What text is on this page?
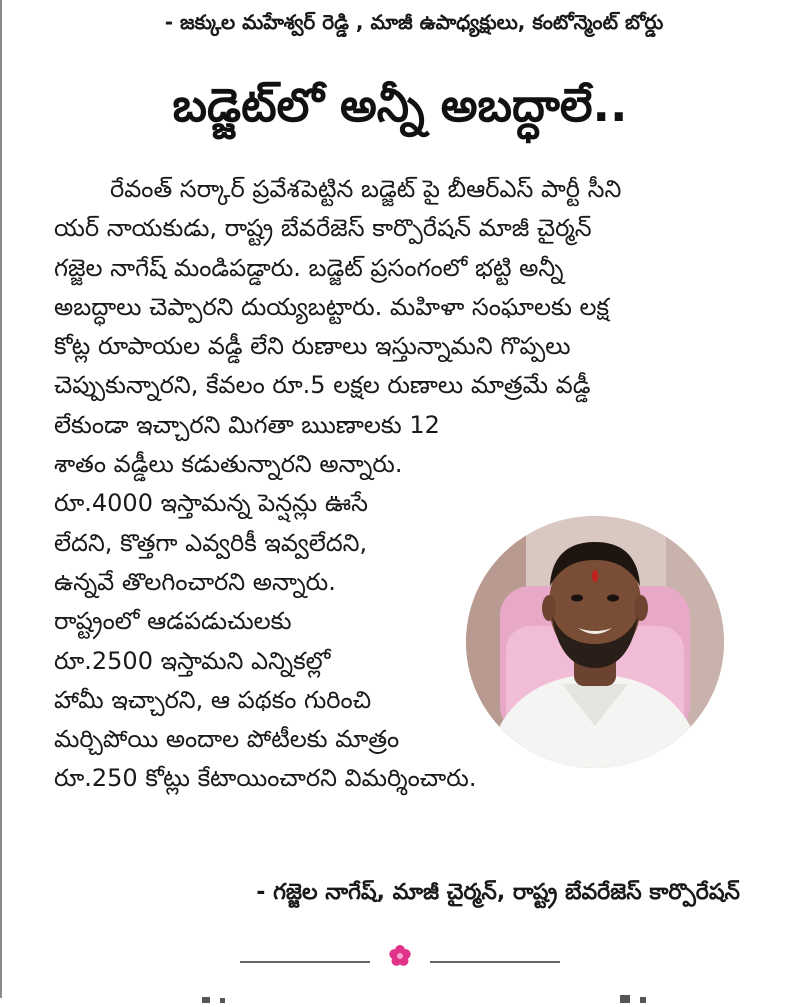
- జక్కుల మహేశ్వర్ రెడ్డి , మాజీ ఉపాధ్యక్షులు, కంటోన్మెంట్ బోర్డు
బడ్జెట్‌లో అన్నీ అబద్ధాలే..
రేవంత్ సర్కార్ ప్రవేశపెట్టిన బడ్జెట్ పై బీఆర్ఎస్ పార్టీ సీని
యర్ నాయకుడు, రాష్ట్ర బేవరేజెస్ కార్పొరేషన్ మాజీ చైర్మన్
గజ్జెల నాగేష్ మండిపడ్డారు. బడ్జెట్ ప్రసంగంలో భట్టి అన్నీ
అబద్ధాలు చెప్పారని దుయ్యబట్టారు. మహిళా సంఘాలకు లక్ష
కోట్ల రూపాయల వడ్డీ లేని రుణాలు ఇస్తున్నామని గొప్పలు
చెప్పుకున్నారని, కేవలం రూ.5 లక్షల రుణాలు మాత్రమే వడ్డీ
లేకుండా ఇచ్చారని మిగతా ఋణాలకు 12
శాతం వడ్డీలు కడుతున్నారని అన్నారు.
రూ.4000 ఇస్తామన్న పెన్షన్లు ఊసే
లేదని, కొత్తగా ఎవ్వరికీ ఇవ్వలేదని,
ఉన్నవే తొలగించారని అన్నారు.
రాష్ట్రంలో ఆడపడుచులకు
రూ.2500 ఇస్తామని ఎన్నికల్లో
హామీ ఇచ్చారని, ఆ పథకం గురించి
మర్చిపోయి అందాల పోటీలకు మాత్రం
రూ.250 కోట్లు కేటాయించారని విమర్శించారు.
- గజ్జెల నాగేష్, మాజీ చైర్మన్, రాష్ట్ర బేవరేజెస్ కార్పొరేషన్
